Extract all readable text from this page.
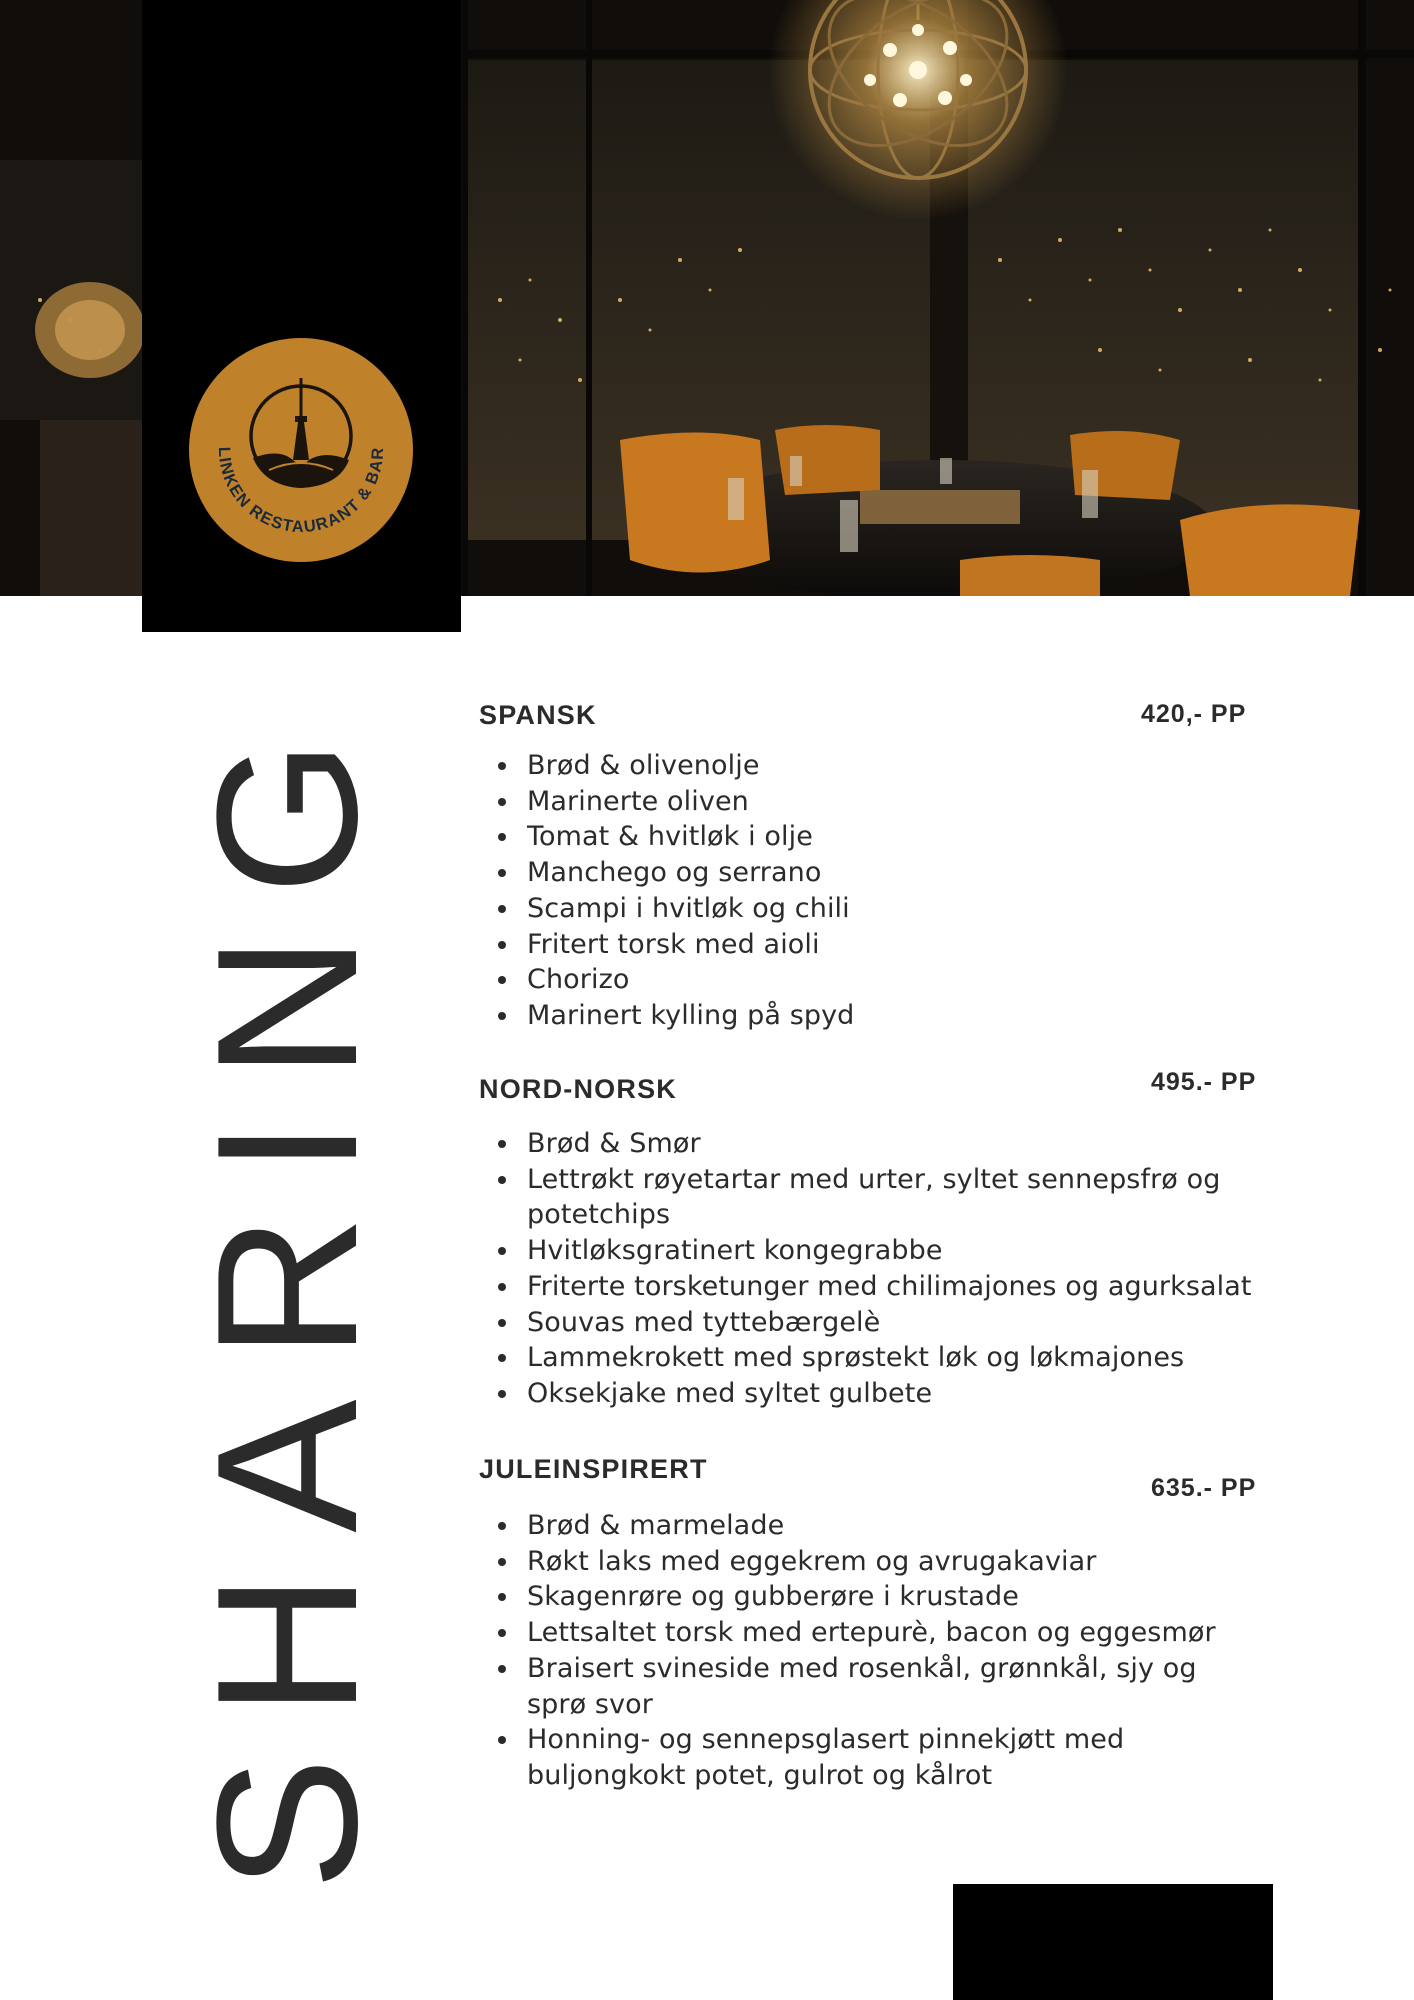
LINKEN RESTAURANT & BAR
SHARING	SPANSK	420,- PP
Brød & olivenolje
Marinerte oliven
Tomat & hvitløk i olje
Manchego og serrano
Scampi i hvitløk og chili
Fritert torsk med aioli
Chorizo
Marinert kylling på spyd
NORD-NORSK	495.- PP
Brød & Smør
Lettrøkt røyetartar med urter, syltet sennepsfrø og potetchips
Hvitløksgratinert kongegrabbe
Friterte torsketunger med chilimajones og agurksalat
Souvas med tyttebærgelè
Lammekrokett med sprøstekt løk og løkmajones
Oksekjake med syltet gulbete
JULEINSPIRERT
635.- PP
Brød & marmelade
Røkt laks med eggekrem og avrugakaviar
Skagenrøre og gubberøre i krustade
Lettsaltet torsk med ertepurè, bacon og eggesmør
Braisert svineside med rosenkål, grønnkål, sjy og sprø svor
Honning- og sennepsglasert pinnekjøtt med buljongkokt potet, gulrot og kålrot
